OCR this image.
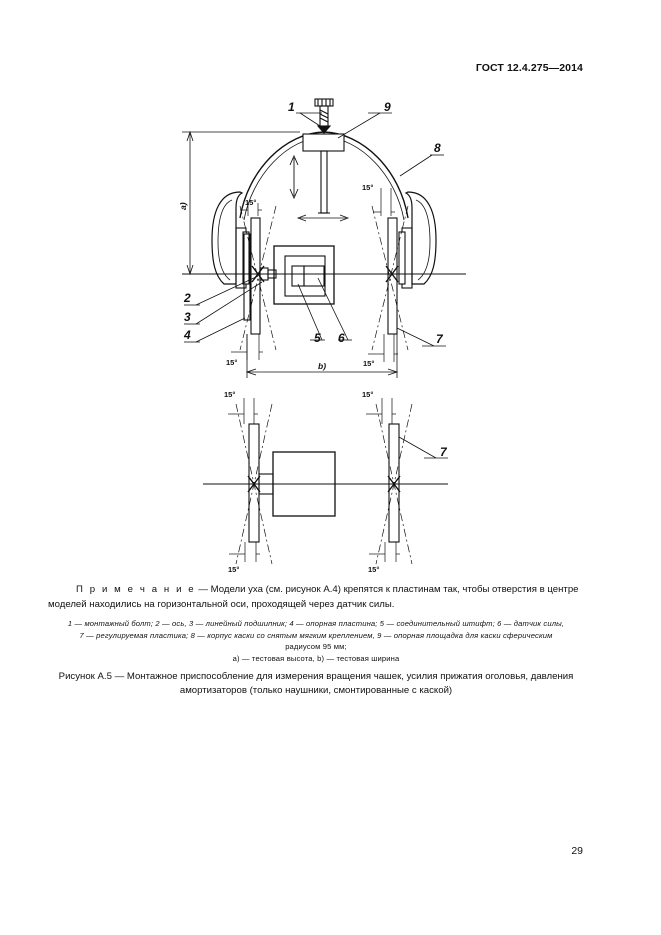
ГОСТ 12.4.275—2014
1	9
8
2
3
4	5 6	7
7
15°
15°
15°	15°
15°	15°
15°	15°
a)
b)
П р и м е ч а н и е — Модели уха (см. рисунок А.4) крепятся к пластинам так, чтобы отверстия в центре моделей находились на горизонтальной оси, проходящей через датчик силы.
1 — монтажный болт; 2 — ось, 3 — линейный подшипник; 4 — опорная пластина; 5 — соединительный штифт; 6 — датчик силы,
7 — регулируемая пластика; 8 — корпус каски со снятым мягким креплением, 9 — опорная площадка для каски сферическим
радиусом 95 мм;
a) — тестовая высота, b) — тестовая ширина
Рисунок А.5 — Монтажное приспособление для измерения вращения чашек, усилия прижатия оголовья, давления амортизаторов (только наушники, смонтированные с каской)
29
